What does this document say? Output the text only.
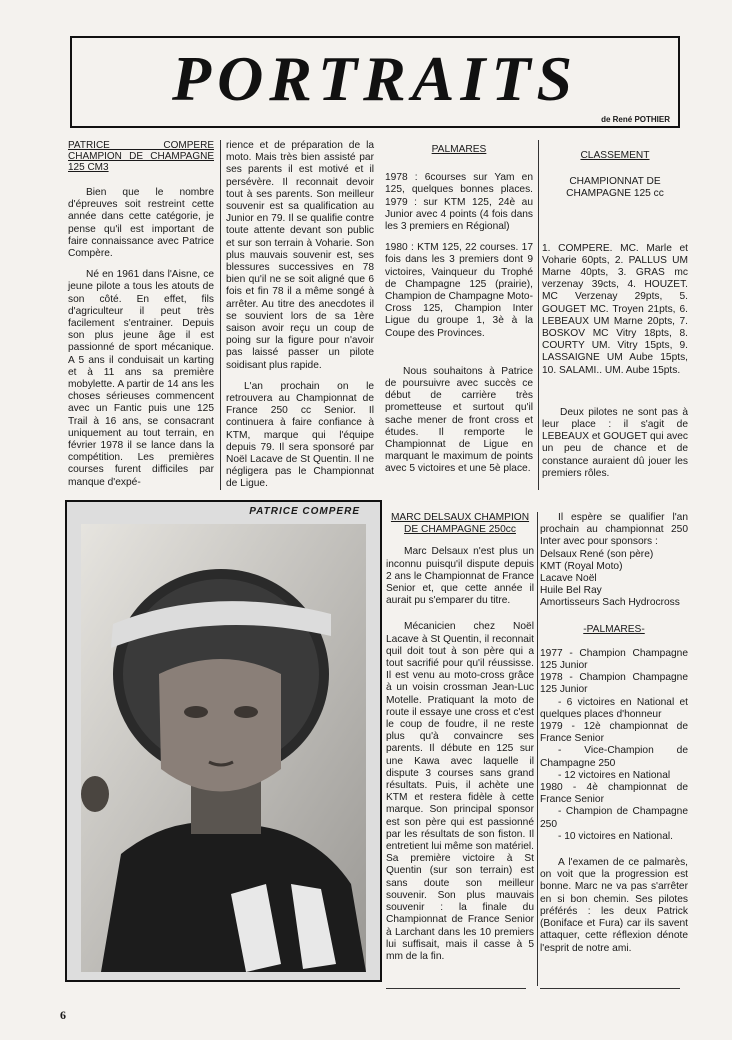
PORTRAITS
de René POTHIER
PATRICE COMPERE CHAMPION DE CHAMPAGNE 125 CM3

Bien que le nombre d'épreuves soit restreint cette année dans cette catégorie, je pense qu'il est important de faire connaissance avec Patrice Compère.

Né en 1961 dans l'Aisne, ce jeune pilote a tous les atouts de son côté. En effet, fils d'agriculteur il peut très facilement s'entrainer. Depuis son plus jeune âge il est passionné de sport mécanique. A 5 ans il conduisait un karting et à 11 ans sa première mobylette. A partir de 14 ans les choses sérieuses commencent avec un Fantic puis une 125 Trail à 16 ans, se consacrant uniquement au tout terrain, en février 1978 il se lance dans la compétition. Les premières courses furent difficiles par manque d'expé-

rience et de préparation de la moto. Mais très bien assisté par ses parents il est motivé et il persévère. Il reconnait devoir tout à ses parents. Son meilleur souvenir est sa qualification au Junior en 79. Il se qualifie contre toute attente devant son public et sur son terrain à Voharie. Son plus mauvais souvenir est, ses blessures successives en 78 bien qu'il ne se soit aligné que 6 fois et fin 78 il a même songé à arrêter. Au titre des anecdotes il se souvient lors de sa 1ère saison avoir reçu un coup de poing sur la figure pour n'avoir pas laissé passer un pilote soidisant plus rapide.

L'an prochain on le retrouvera au Championnat de France 250 cc Senior. Il continuera à faire confiance à KTM, marque qui l'équipe depuis 79. Il sera sponsoré par Noël Lacave de St Quentin. Il ne négligera pas le Championnat de Ligue.

PALMARES

1978 : 6courses sur Yam en 125, quelques bonnes places. 1979 : sur KTM 125, 24è au Junior avec 4 points (4 fois dans les 3 premiers en Régional)

1980 : KTM 125, 22 courses. 17 fois dans les 3 premiers dont 9 victoires, Vainqueur du Trophé de Champagne 125 (prairie), Champion de Champagne Moto-Cross 125, Champion Inter Ligue du groupe 1, 3è à la Coupe des Provinces.

Nous souhaitons à Patrice de poursuivre avec succès ce début de carrière très prometteuse et surtout qu'il sache mener de front cross et études. Il remporte le Championnat de Ligue en marquant le maximum de points avec 5 victoires et une 5è place.

CLASSEMENT
CHAMPIONNAT DE CHAMPAGNE 125 cc

1. COMPERE. MC. Marle et Voharie 60pts, 2. PALLUS UM Marne 40pts, 3. GRAS mc verzenay 39cts, 4. HOUZET. MC Verzenay 29pts, 5. GOUGET MC. Troyen 21pts, 6. LEBEAUX UM Marne 20pts, 7. BOSKOV MC Vitry 18pts, 8. COURTY UM. Vitry 15pts, 9. LASSAIGNE UM Aube 15pts, 10. SALAMI.. UM. Aube 15pts.

Deux pilotes ne sont pas à leur place : il s'agit de LEBEAUX et GOUGET qui avec un peu de chance et de constance auraient dû jouer les premiers rôles.

PATRICE COMPERE
MARC DELSAUX CHAMPION DE CHAMPAGNE 250cc

Marc Delsaux n'est plus un inconnu puisqu'il dispute depuis 2 ans le Championnat de France Senior et, que cette année il aurait pu s'emparer du titre.

Mécanicien chez Noël Lacave à St Quentin, il reconnait quil doit tout à son père qui a tout sacrifié pour qu'il réussisse. Il est venu au moto-cross grâce à un voisin crossman Jean-Luc Motelle. Pratiquant la moto de route il essaye une cross et c'est le coup de foudre, il ne reste plus qu'à convaincre ses parents. Il débute en 125 sur une Kawa avec laquelle il dispute 3 courses sans grand résultats. Puis, il achète une KTM et restera fidèle à cette marque. Son principal sponsor est son père qui est passionné par les résultats de son fiston. Il entretient lui même son matériel. Sa première victoire à St Quentin (sur son terrain) est sans doute son meilleur souvenir. Son plus mauvais souvenir : la finale du Championnat de France Senior à Larchant dans les 10 premiers lui suffisait, mais il casse à 5 mm de la fin.

Il espère se qualifier l'an prochain au championnat 250 Inter avec pour sponsors :

Delsaux René (son père)

KMT (Royal Moto)

Lacave Noël

Huile Bel Ray

Amortisseurs Sach Hydrocross

-PALMARES-

1977 - Champion Champagne 125 Junior

1978 - Champion Champagne 125 Junior

- 6 victoires en National et quelques places d'honneur

1979 - 12è championnat de France Senior

- Vice-Champion de Champagne 250

- 12 victoires en National

1980 - 4è championnat de France Senior

- Champion de Champagne 250

- 10 victoires en National.

A l'examen de ce palmarès, on voit que la progression est bonne. Marc ne va pas s'arrêter en si bon chemin. Ses pilotes préférés : les deux Patrick (Boniface et Fura) car ils savent attaquer, cette réflexion dénote l'esprit de notre ami.

6
